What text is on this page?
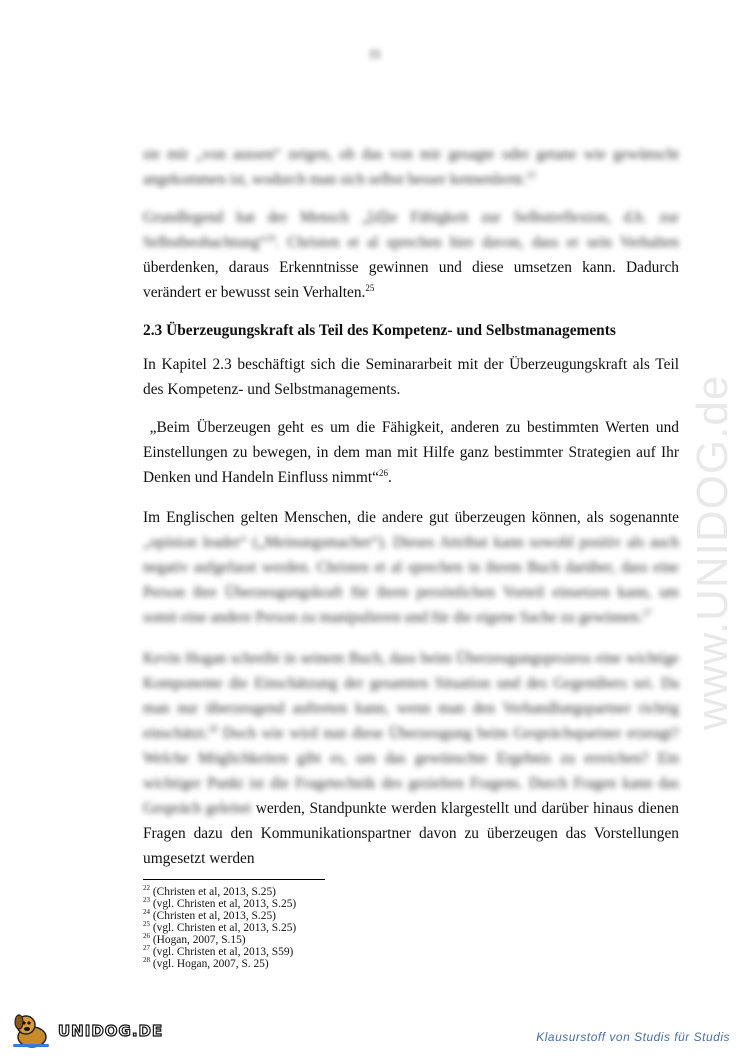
11

sie mir „von aussen“ zeigen, ob das von mir gesagte oder getane wie gewünscht angekommen ist, wodurch man sich selbst besser kennenlernt.$^{23}$

Grundlegend hat der Mensch „[d]ie Fähigkeit zur Selbstreflexion, d.h. zur Selbstbeobachtung“$^{24}$. Christen et al sprechen hier davon, dass er sein Verhalten überdenken, daraus Erkenntnisse gewinnen und diese umsetzen kann. Dadurch verändert er bewusst sein Verhalten.$^{25}$

2.3 Überzeugungskraft als Teil des Kompetenz- und Selbstmanagements

In Kapitel 2.3 beschäftigt sich die Seminararbeit mit der Überzeugungskraft als Teil des Kompetenz- und Selbstmanagements.

„Beim Überzeugen geht es um die Fähigkeit, anderen zu bestimmten Werten und Einstellungen zu bewegen, in dem man mit Hilfe ganz bestimmter Strategien auf Ihr Denken und Handeln Einfluss nimmt“$^{26}$.

Im Englischen gelten Menschen, die andere gut überzeugen können, als sogenannte „opinion leader“ („Meinungsmacher“). Dieses Attribut kann sowohl positiv als auch negativ aufgefasst werden. Christen et al sprechen in ihrem Buch darüber, dass eine Person ihre Überzeugungskraft für ihren persönlichen Vorteil einsetzen kann, um somit eine andere Person zu manipulieren und für die eigene Sache zu gewinnen.$^{27}$

Kevin Hogan schreibt in seinem Buch, dass beim Überzeugungsprozess eine wichtige Komponente die Einschätzung der gesamten Situation und des Gegenübers sei. Da man nur überzeugend auftreten kann, wenn man den Verhandlungspartner richtig einschätzt.$^{28}$ Doch wie wird nun diese Überzeugung beim Gesprächspartner erzeugt? Welche Möglichkeiten gibt es, um das gewünschte Ergebnis zu erreichen? Ein wichtiger Punkt ist die Fragetechnik des gezielten Fragens. Durch Fragen kann das Gespräch geleitet werden, Standpunkte werden klargestellt und darüber hinaus dienen Fragen dazu den Kommunikationspartner davon zu überzeugen das Vorstellungen umgesetzt werden

$^{22}$ (Christen et al, 2013, S.25)
$^{23}$ (vgl. Christen et al, 2013, S.25)
$^{24}$ (Christen et al, 2013, S.25)
$^{25}$ (vgl. Christen et al, 2013, S.25)
$^{26}$ (Hogan, 2007, S.15)
$^{27}$ (vgl. Christen et al, 2013, S59)
$^{28}$ (vgl. Hogan, 2007, S. 25)
www.UNIDOG.de
UNIDOG.DE	Klausurstoff von Studis für Studis
